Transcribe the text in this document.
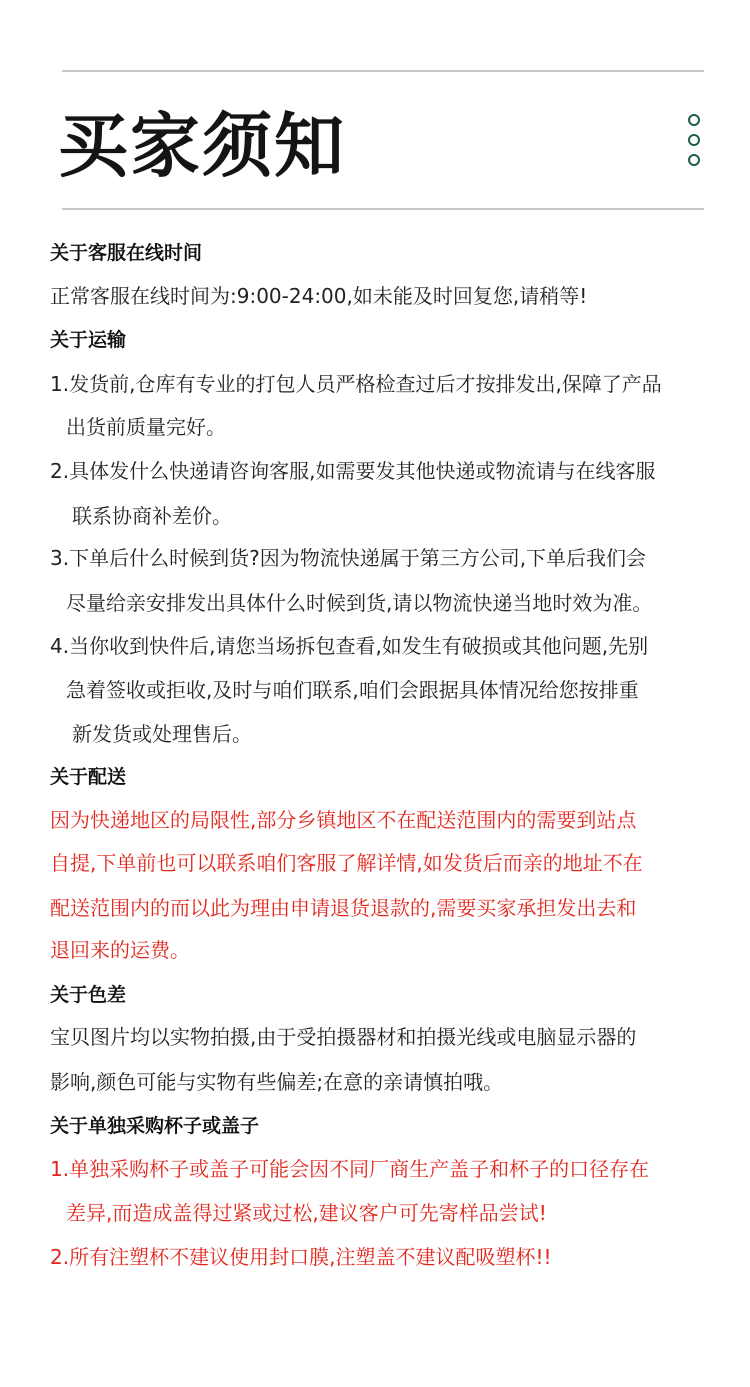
买家须知
关于客服在线时间
正常客服在线时间为:9:00-24:00,如未能及时回复您,请稍等!
关于运输
1.发货前,仓库有专业的打包人员严格检查过后才按排发出,保障了产品
出货前质量完好。
2.具体发什么快递请咨询客服,如需要发其他快递或物流请与在线客服
联系协商补差价。
3.下单后什么时候到货?因为物流快递属于第三方公司,下单后我们会
尽量给亲安排发出具体什么时候到货,请以物流快递当地时效为准。
4.当你收到快件后,请您当场拆包查看,如发生有破损或其他问题,先别
急着签收或拒收,及时与咱们联系,咱们会跟据具体情况给您按排重
新发货或处理售后。
关于配送
因为快递地区的局限性,部分乡镇地区不在配送范围内的需要到站点
自提,下单前也可以联系咱们客服了解详情,如发货后而亲的地址不在
配送范围内的而以此为理由申请退货退款的,需要买家承担发出去和
退回来的运费。
关于色差
宝贝图片均以实物拍摄,由于受拍摄器材和拍摄光线或电脑显示器的
影响,颜色可能与实物有些偏差;在意的亲请慎拍哦。
关于单独采购杯子或盖子
1.单独采购杯子或盖子可能会因不同厂商生产盖子和杯子的口径存在
差异,而造成盖得过紧或过松,建议客户可先寄样品尝试!
2.所有注塑杯不建议使用封口膜,注塑盖不建议配吸塑杯!!
